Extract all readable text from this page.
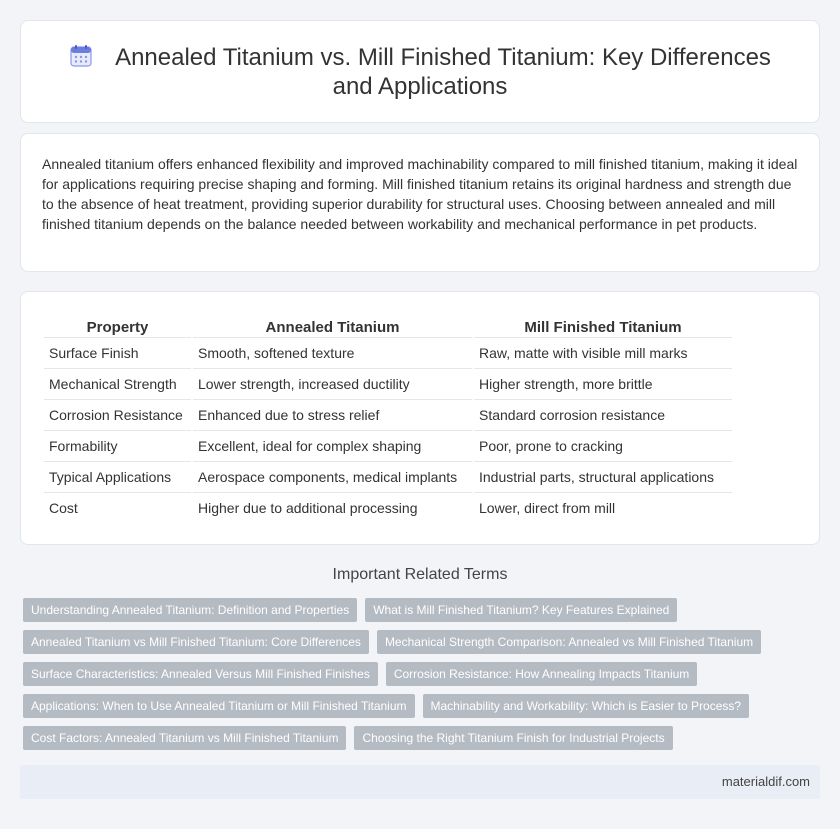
Annealed Titanium vs. Mill Finished Titanium: Key Differences and Applications

Annealed titanium offers enhanced flexibility and improved machinability compared to mill finished titanium, making it ideal for applications requiring precise shaping and forming. Mill finished titanium retains its original hardness and strength due to the absence of heat treatment, providing superior durability for structural uses. Choosing between annealed and mill finished titanium depends on the balance needed between workability and mechanical performance in pet products.

Property	Annealed Titanium	Mill Finished Titanium
Surface Finish	Smooth, softened texture	Raw, matte with visible mill marks
Mechanical Strength	Lower strength, increased ductility	Higher strength, more brittle
Corrosion Resistance	Enhanced due to stress relief	Standard corrosion resistance
Formability	Excellent, ideal for complex shaping	Poor, prone to cracking
Typical Applications	Aerospace components, medical implants	Industrial parts, structural applications
Cost	Higher due to additional processing	Lower, direct from mill
Important Related Terms
Understanding Annealed Titanium: Definition and Properties	What is Mill Finished Titanium? Key Features Explained
Annealed Titanium vs Mill Finished Titanium: Core Differences	Mechanical Strength Comparison: Annealed vs Mill Finished Titanium
Surface Characteristics: Annealed Versus Mill Finished Finishes	Corrosion Resistance: How Annealing Impacts Titanium
Applications: When to Use Annealed Titanium or Mill Finished Titanium	Machinability and Workability: Which is Easier to Process?
Cost Factors: Annealed Titanium vs Mill Finished Titanium	Choosing the Right Titanium Finish for Industrial Projects
materialdif.com
